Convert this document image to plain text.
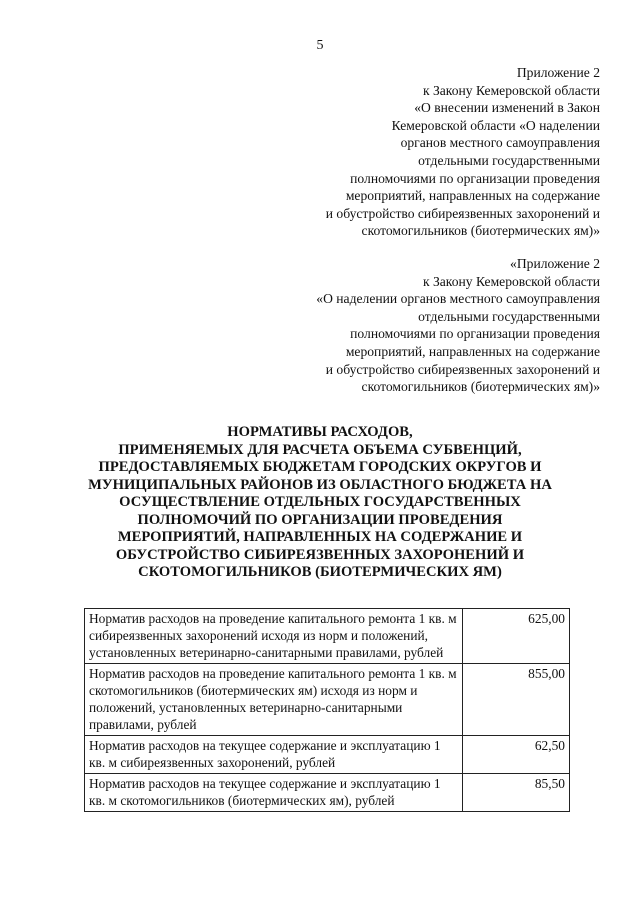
5
Приложение 2
к Закону Кемеровской области
«О внесении изменений в Закон
Кемеровской области «О наделении
органов местного самоуправления
отдельными государственными
полномочиями по организации проведения
мероприятий, направленных на содержание
и обустройство сибиреязвенных захоронений и
скотомогильников (биотермических ям)»
«Приложение 2
к Закону Кемеровской области
«О наделении органов местного самоуправления
отдельными государственными
полномочиями по организации проведения
мероприятий, направленных на содержание
и обустройство сибиреязвенных захоронений и
скотомогильников (биотермических ям)»
НОРМАТИВЫ РАСХОДОВ,
ПРИМЕНЯЕМЫХ ДЛЯ РАСЧЕТА ОБЪЕМА СУБВЕНЦИЙ,
ПРЕДОСТАВЛЯЕМЫХ БЮДЖЕТАМ ГОРОДСКИХ ОКРУГОВ И
МУНИЦИПАЛЬНЫХ РАЙОНОВ ИЗ ОБЛАСТНОГО БЮДЖЕТА НА
ОСУЩЕСТВЛЕНИЕ ОТДЕЛЬНЫХ ГОСУДАРСТВЕННЫХ
ПОЛНОМОЧИЙ ПО ОРГАНИЗАЦИИ ПРОВЕДЕНИЯ
МЕРОПРИЯТИЙ, НАПРАВЛЕННЫХ НА СОДЕРЖАНИЕ И
ОБУСТРОЙСТВО СИБИРЕЯЗВЕННЫХ ЗАХОРОНЕНИЙ И
СКОТОМОГИЛЬНИКОВ (БИОТЕРМИЧЕСКИХ ЯМ)
Норматив расходов на проведение капитального ремонта 1 кв. м сибиреязвенных захоронений исходя из норм и положений, установленных ветеринарно-санитарными правилами, рублей	625,00
Норматив расходов на проведение капитального ремонта 1 кв. м скотомогильников (биотермических ям) исходя из норм и положений, установленных ветеринарно-санитарными правилами, рублей	855,00
Норматив расходов на текущее содержание и эксплуатацию 1 кв. м сибиреязвенных захоронений, рублей	62,50
Норматив расходов на текущее содержание и эксплуатацию 1 кв. м скотомогильников (биотермических ям), рублей	85,50
